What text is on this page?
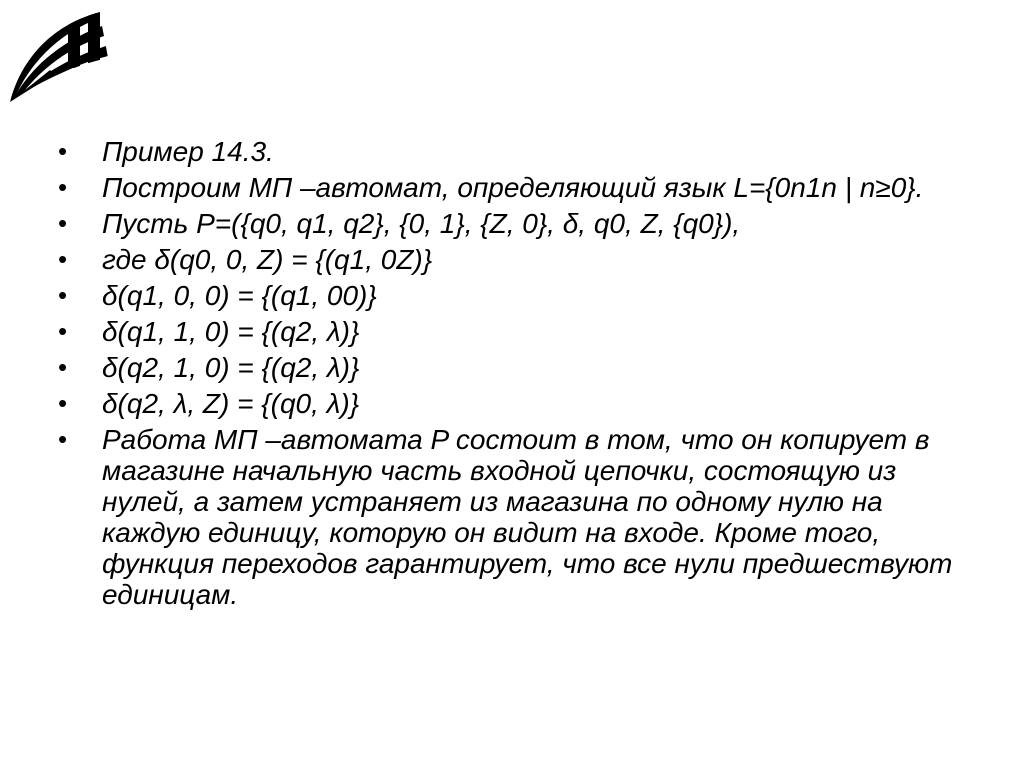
• Пример 14.3.
• Построим МП –автомат, определяющий язык L={0n1n | n≥0}.
• Пусть P=({q0, q1, q2}, {0, 1}, {Z, 0}, δ, q0, Z, {q0}),
• где δ(q0, 0, Z) = {(q1, 0Z)}
• δ(q1, 0, 0) = {(q1, 00)}
• δ(q1, 1, 0) = {(q2, λ)}
• δ(q2, 1, 0) = {(q2, λ)}
• δ(q2, λ, Z) = {(q0, λ)}
• Работа МП –автомата P состоит в том, что он копирует в магазине начальную часть входной цепочки, состоящую из нулей, а затем устраняет из магазина по одному нулю на каждую единицу, которую он видит на входе. Кроме того, функция переходов гарантирует, что все нули предшествуют единицам.
